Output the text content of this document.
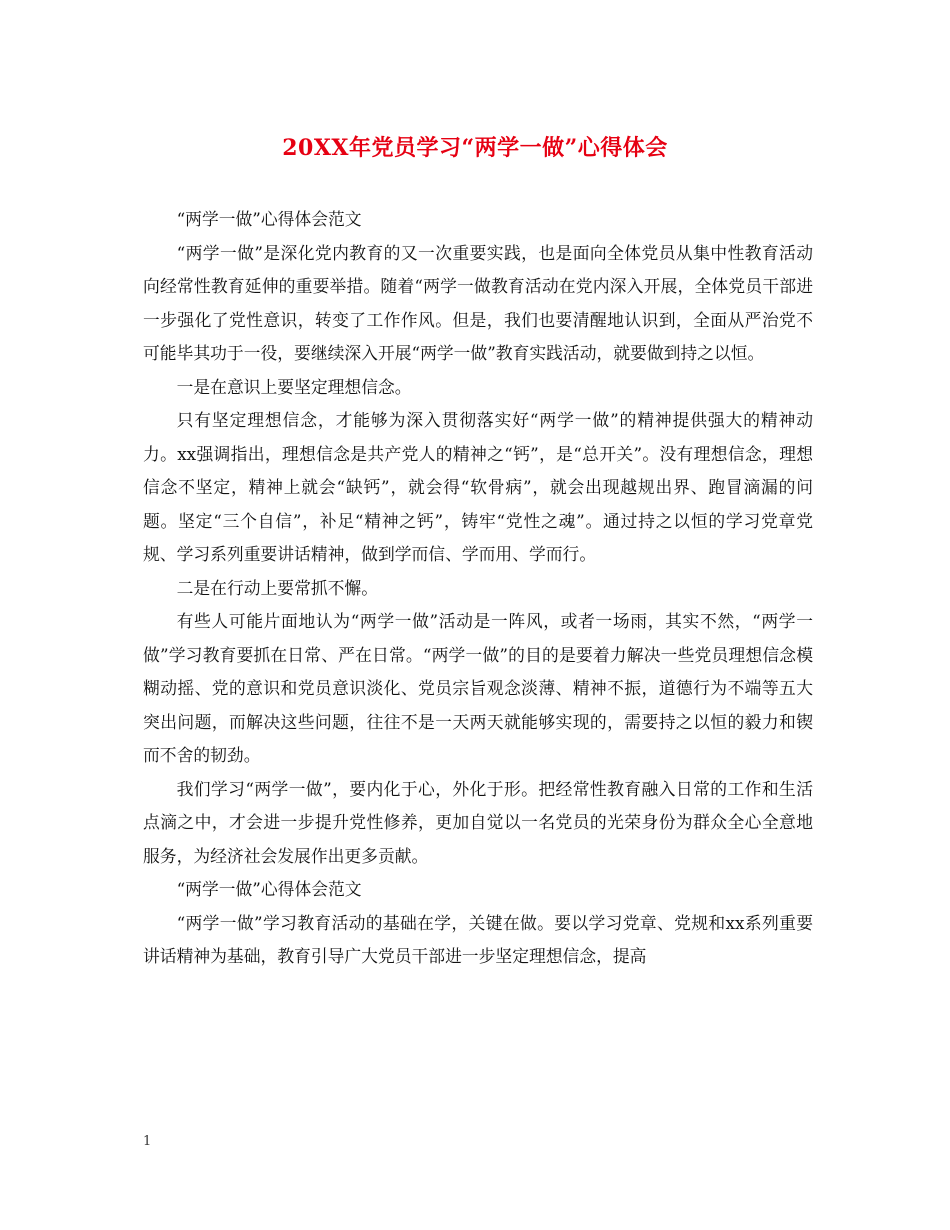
20XX年党员学习“两学一做”心得体会

“两学一做”心得体会范文

“两学一做”是深化党内教育的又一次重要实践，也是面向全体党员从集中性教育活动向经常性教育延伸的重要举措。随着“两学一做教育活动在党内深入开展，全体党员干部进一步强化了党性意识，转变了工作作风。但是，我们也要清醒地认识到，全面从严治党不可能毕其功于一役，要继续深入开展“两学一做”教育实践活动，就要做到持之以恒。

一是在意识上要坚定理想信念。

只有坚定理想信念，才能够为深入贯彻落实好“两学一做”的精神提供强大的精神动力。xx强调指出，理想信念是共产党人的精神之“钙”，是“总开关”。没有理想信念，理想信念不坚定，精神上就会“缺钙”，就会得“软骨病”，就会出现越规出界、跑冒滴漏的问题。坚定“三个自信”，补足“精神之钙”，铸牢“党性之魂”。通过持之以恒的学习党章党规、学习系列重要讲话精神，做到学而信、学而用、学而行。

二是在行动上要常抓不懈。

有些人可能片面地认为“两学一做”活动是一阵风，或者一场雨，其实不然，“两学一做”学习教育要抓在日常、严在日常。“两学一做”的目的是要着力解决一些党员理想信念模糊动摇、党的意识和党员意识淡化、党员宗旨观念淡薄、精神不振，道德行为不端等五大突出问题，而解决这些问题，往往不是一天两天就能够实现的，需要持之以恒的毅力和锲而不舍的韧劲。

我们学习“两学一做”，要内化于心，外化于形。把经常性教育融入日常的工作和生活点滴之中，才会进一步提升党性修养，更加自觉以一名党员的光荣身份为群众全心全意地服务，为经济社会发展作出更多贡献。

“两学一做”心得体会范文

“两学一做”学习教育活动的基础在学，关键在做。要以学习党章、党规和xx系列重要讲话精神为基础，教育引导广大党员干部进一步坚定理想信念，提高

1
